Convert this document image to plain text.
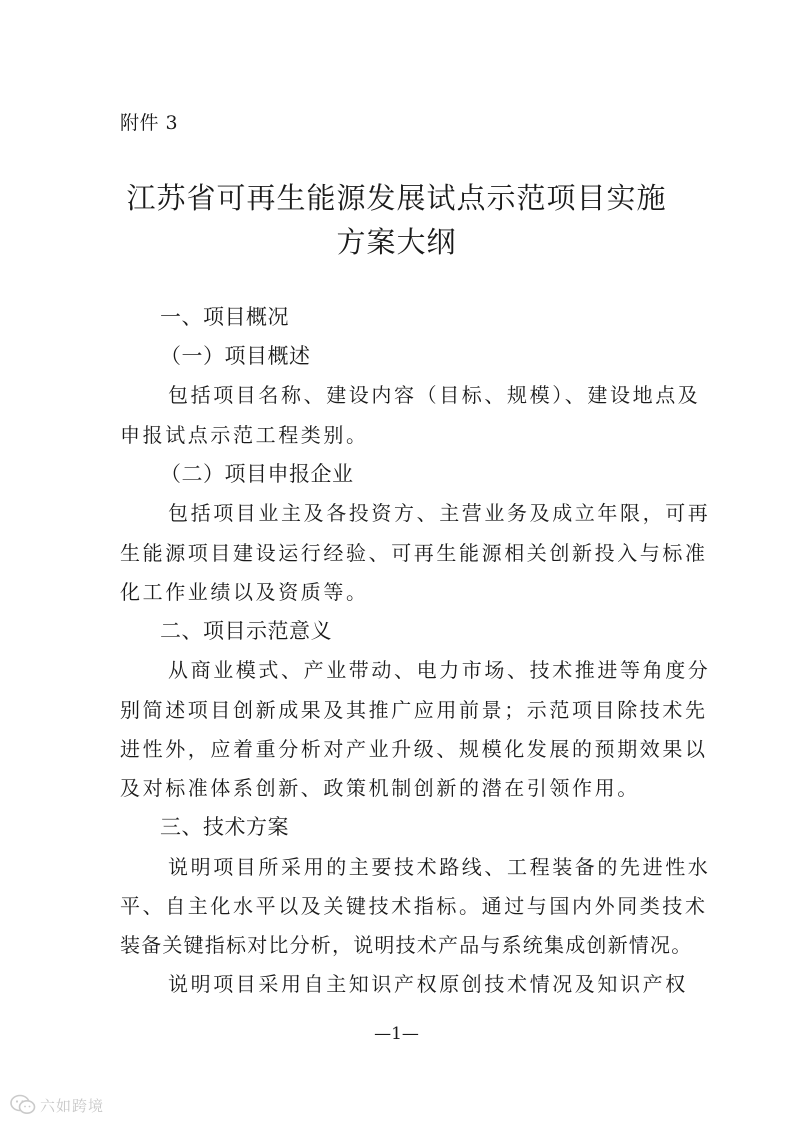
附件 3
江苏省可再生能源发展试点示范项目实施
方案大纲
一、项目概况
（一）项目概述
包括项目名称、建设内容（目标、规模）、建设地点及
申报试点示范工程类别。
（二）项目申报企业
包括项目业主及各投资方、主营业务及成立年限，可再
生能源项目建设运行经验、可再生能源相关创新投入与标准
化工作业绩以及资质等。
二、项目示范意义
从商业模式、产业带动、电力市场、技术推进等角度分
别简述项目创新成果及其推广应用前景；示范项目除技术先
进性外，应着重分析对产业升级、规模化发展的预期效果以
及对标准体系创新、政策机制创新的潜在引领作用。
三、技术方案
说明项目所采用的主要技术路线、工程装备的先进性水
平、自主化水平以及关键技术指标。通过与国内外同类技术
装备关键指标对比分析，说明技术产品与系统集成创新情况。
说明项目采用自主知识产权原创技术情况及知识产权
—1—
六如跨境
